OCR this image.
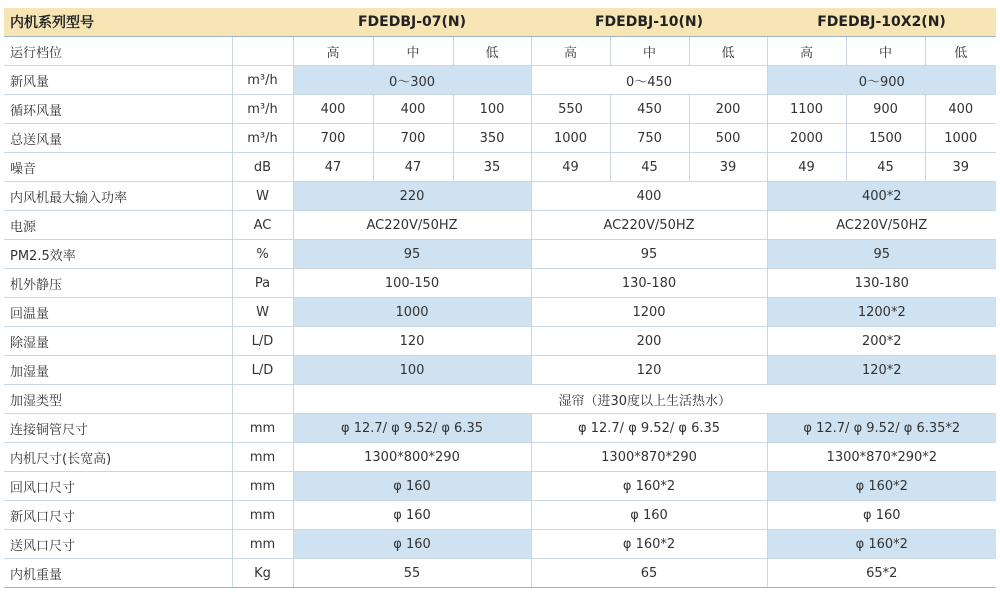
内机系列型号		FDEDBJ-07(N)			FDEDBJ-10(N)			FDEDBJ-10X2(N)		
运行档位		高	中	低	高	中	低	高	中	低
新风量	m³/h	0～300			0～450			0～900		
循环风量	m³/h	400	400	100	550	450	200	1100	900	400
总送风量	m³/h	700	700	350	1000	750	500	2000	1500	1000
噪音	dB	47	47	35	49	45	39	49	45	39
内风机最大输入功率	W	220			400			400*2		
电源	AC	AC220V/50HZ			AC220V/50HZ			AC220V/50HZ		
PM2.5效率	%	95			95			95		
机外静压	Pa	100-150			130-180			130-180		
回温量	W	1000			1200			1200*2		
除湿量	L/D	120			200			200*2		
加湿量	L/D	100			120			120*2		
加湿类型		湿帘（进30度以上生活热水）								
连接铜管尺寸	mm	φ 12.7/ φ 9.52/ φ 6.35			φ 12.7/ φ 9.52/ φ 6.35			φ 12.7/ φ 9.52/ φ 6.35*2		
内机尺寸(长宽高)	mm	1300*800*290			1300*870*290			1300*870*290*2		
回风口尺寸	mm	φ 160			φ 160*2			φ 160*2		
新风口尺寸	mm	φ 160			φ 160			φ 160		
送风口尺寸	mm	φ 160			φ 160*2			φ 160*2		
内机重量	Kg	55			65			65*2		
